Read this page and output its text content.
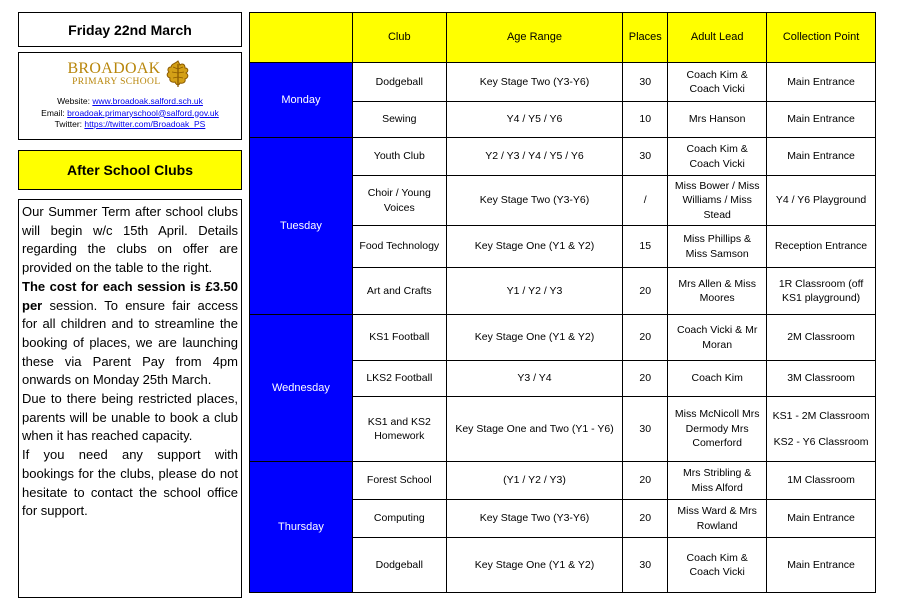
Friday 22nd March
BROADOAK
PRIMARY SCHOOL
Website: www.broadoak.salford.sch.uk
Email: broadoak.primaryschool@salford.gov.uk
Twitter: https://twitter.com/Broadoak_PS
After School Clubs

Our Summer Term after school clubs will begin w/c 15th April. Details regarding the clubs on offer are provided on the table to the right.

The cost for each session is £3.50 per session. To ensure fair access for all children and to streamline the booking of places, we are launching these via Parent Pay from 4pm onwards on Monday 25th March.

Due to there being restricted places, parents will be unable to book a club when it has reached capacity.

If you need any support with bookings for the clubs, please do not hesitate to contact the school office for support.

	Club	Age Range	Places	Adult Lead	Collection Point
Monday	Dodgeball	Key Stage Two (Y3-Y6)	30	Coach Kim & Coach Vicki	Main Entrance
	Sewing	Y4 / Y5 / Y6	10	Mrs Hanson	Main Entrance
Tuesday	Youth Club	Y2 / Y3 / Y4 / Y5 / Y6	30	Coach Kim & Coach Vicki	Main Entrance
	Choir / Young Voices	Key Stage Two (Y3-Y6)	/	Miss Bower / Miss Williams / Miss Stead	Y4 / Y6 Playground
	Food Technology	Key Stage One (Y1 & Y2)	15	Miss Phillips & Miss Samson	Reception Entrance
	Art and Crafts	Y1 / Y2 / Y3	20	Mrs Allen & Miss Moores	1R Classroom (off KS1 playground)
Wednesday	KS1 Football	Key Stage One (Y1 & Y2)	20	Coach Vicki & Mr Moran	2M Classroom
	LKS2 Football	Y3 / Y4	20	Coach Kim	3M Classroom
	KS1 and KS2 Homework	Key Stage One and Two (Y1 - Y6)	30	Miss McNicoll Mrs Dermody Mrs Comerford	KS1 - 2M Classroom
KS2 - Y6 Classroom

Thursday	Forest School	(Y1 / Y2 / Y3)	20	Mrs Stribling & Miss Alford	1M Classroom
	Computing	Key Stage Two (Y3-Y6)	20	Miss Ward & Mrs Rowland	Main Entrance
	Dodgeball	Key Stage One (Y1 & Y2)	30	Coach Kim & Coach Vicki	Main Entrance
